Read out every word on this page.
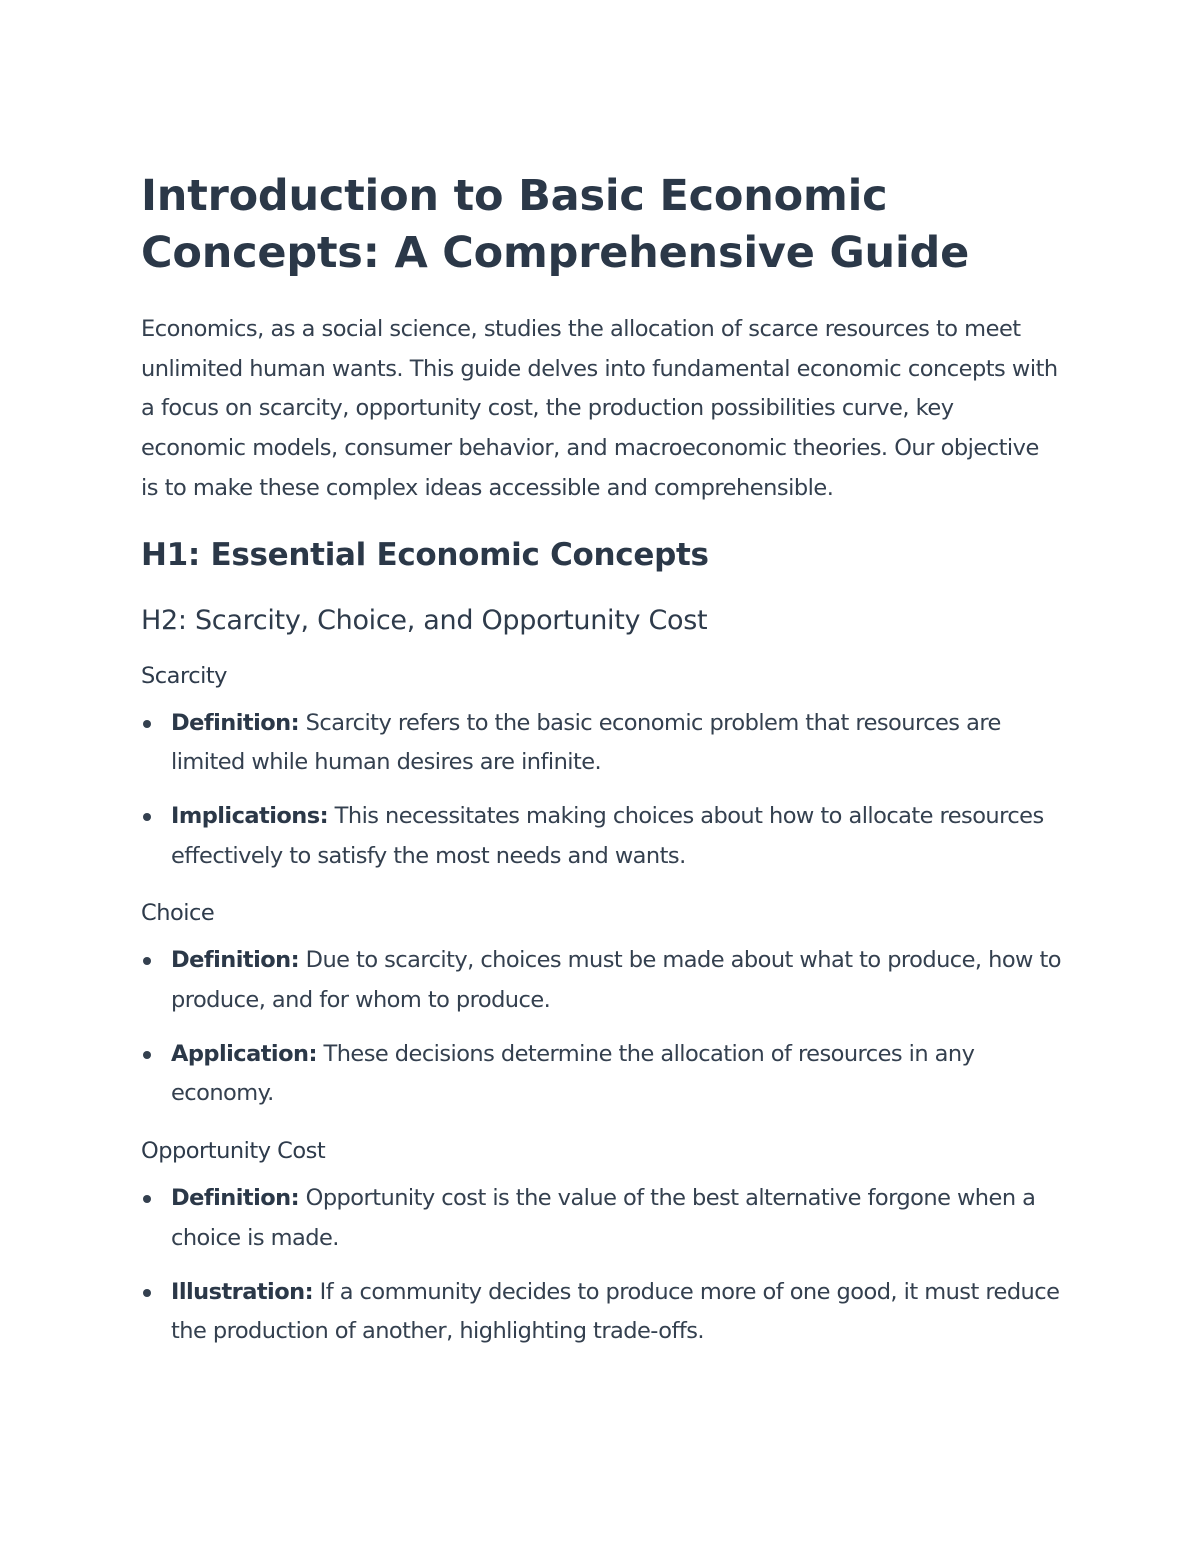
Introduction to Basic Economic Concepts: A Comprehensive Guide

Economics, as a social science, studies the allocation of scarce resources to meet unlimited human wants. This guide delves into fundamental economic concepts with a focus on scarcity, opportunity cost, the production possibilities curve, key economic models, consumer behavior, and macroeconomic theories. Our objective is to make these complex ideas accessible and comprehensible.

H1: Essential Economic Concepts
H2: Scarcity, Choice, and Opportunity Cost
Scarcity
Definition: Scarcity refers to the basic economic problem that resources are limited while human desires are infinite.
Implications: This necessitates making choices about how to allocate resources effectively to satisfy the most needs and wants.
Choice
Definition: Due to scarcity, choices must be made about what to produce, how to produce, and for whom to produce.
Application: These decisions determine the allocation of resources in any economy.
Opportunity Cost
Definition: Opportunity cost is the value of the best alternative forgone when a choice is made.
Illustration: If a community decides to produce more of one good, it must reduce the production of another, highlighting trade-offs.
